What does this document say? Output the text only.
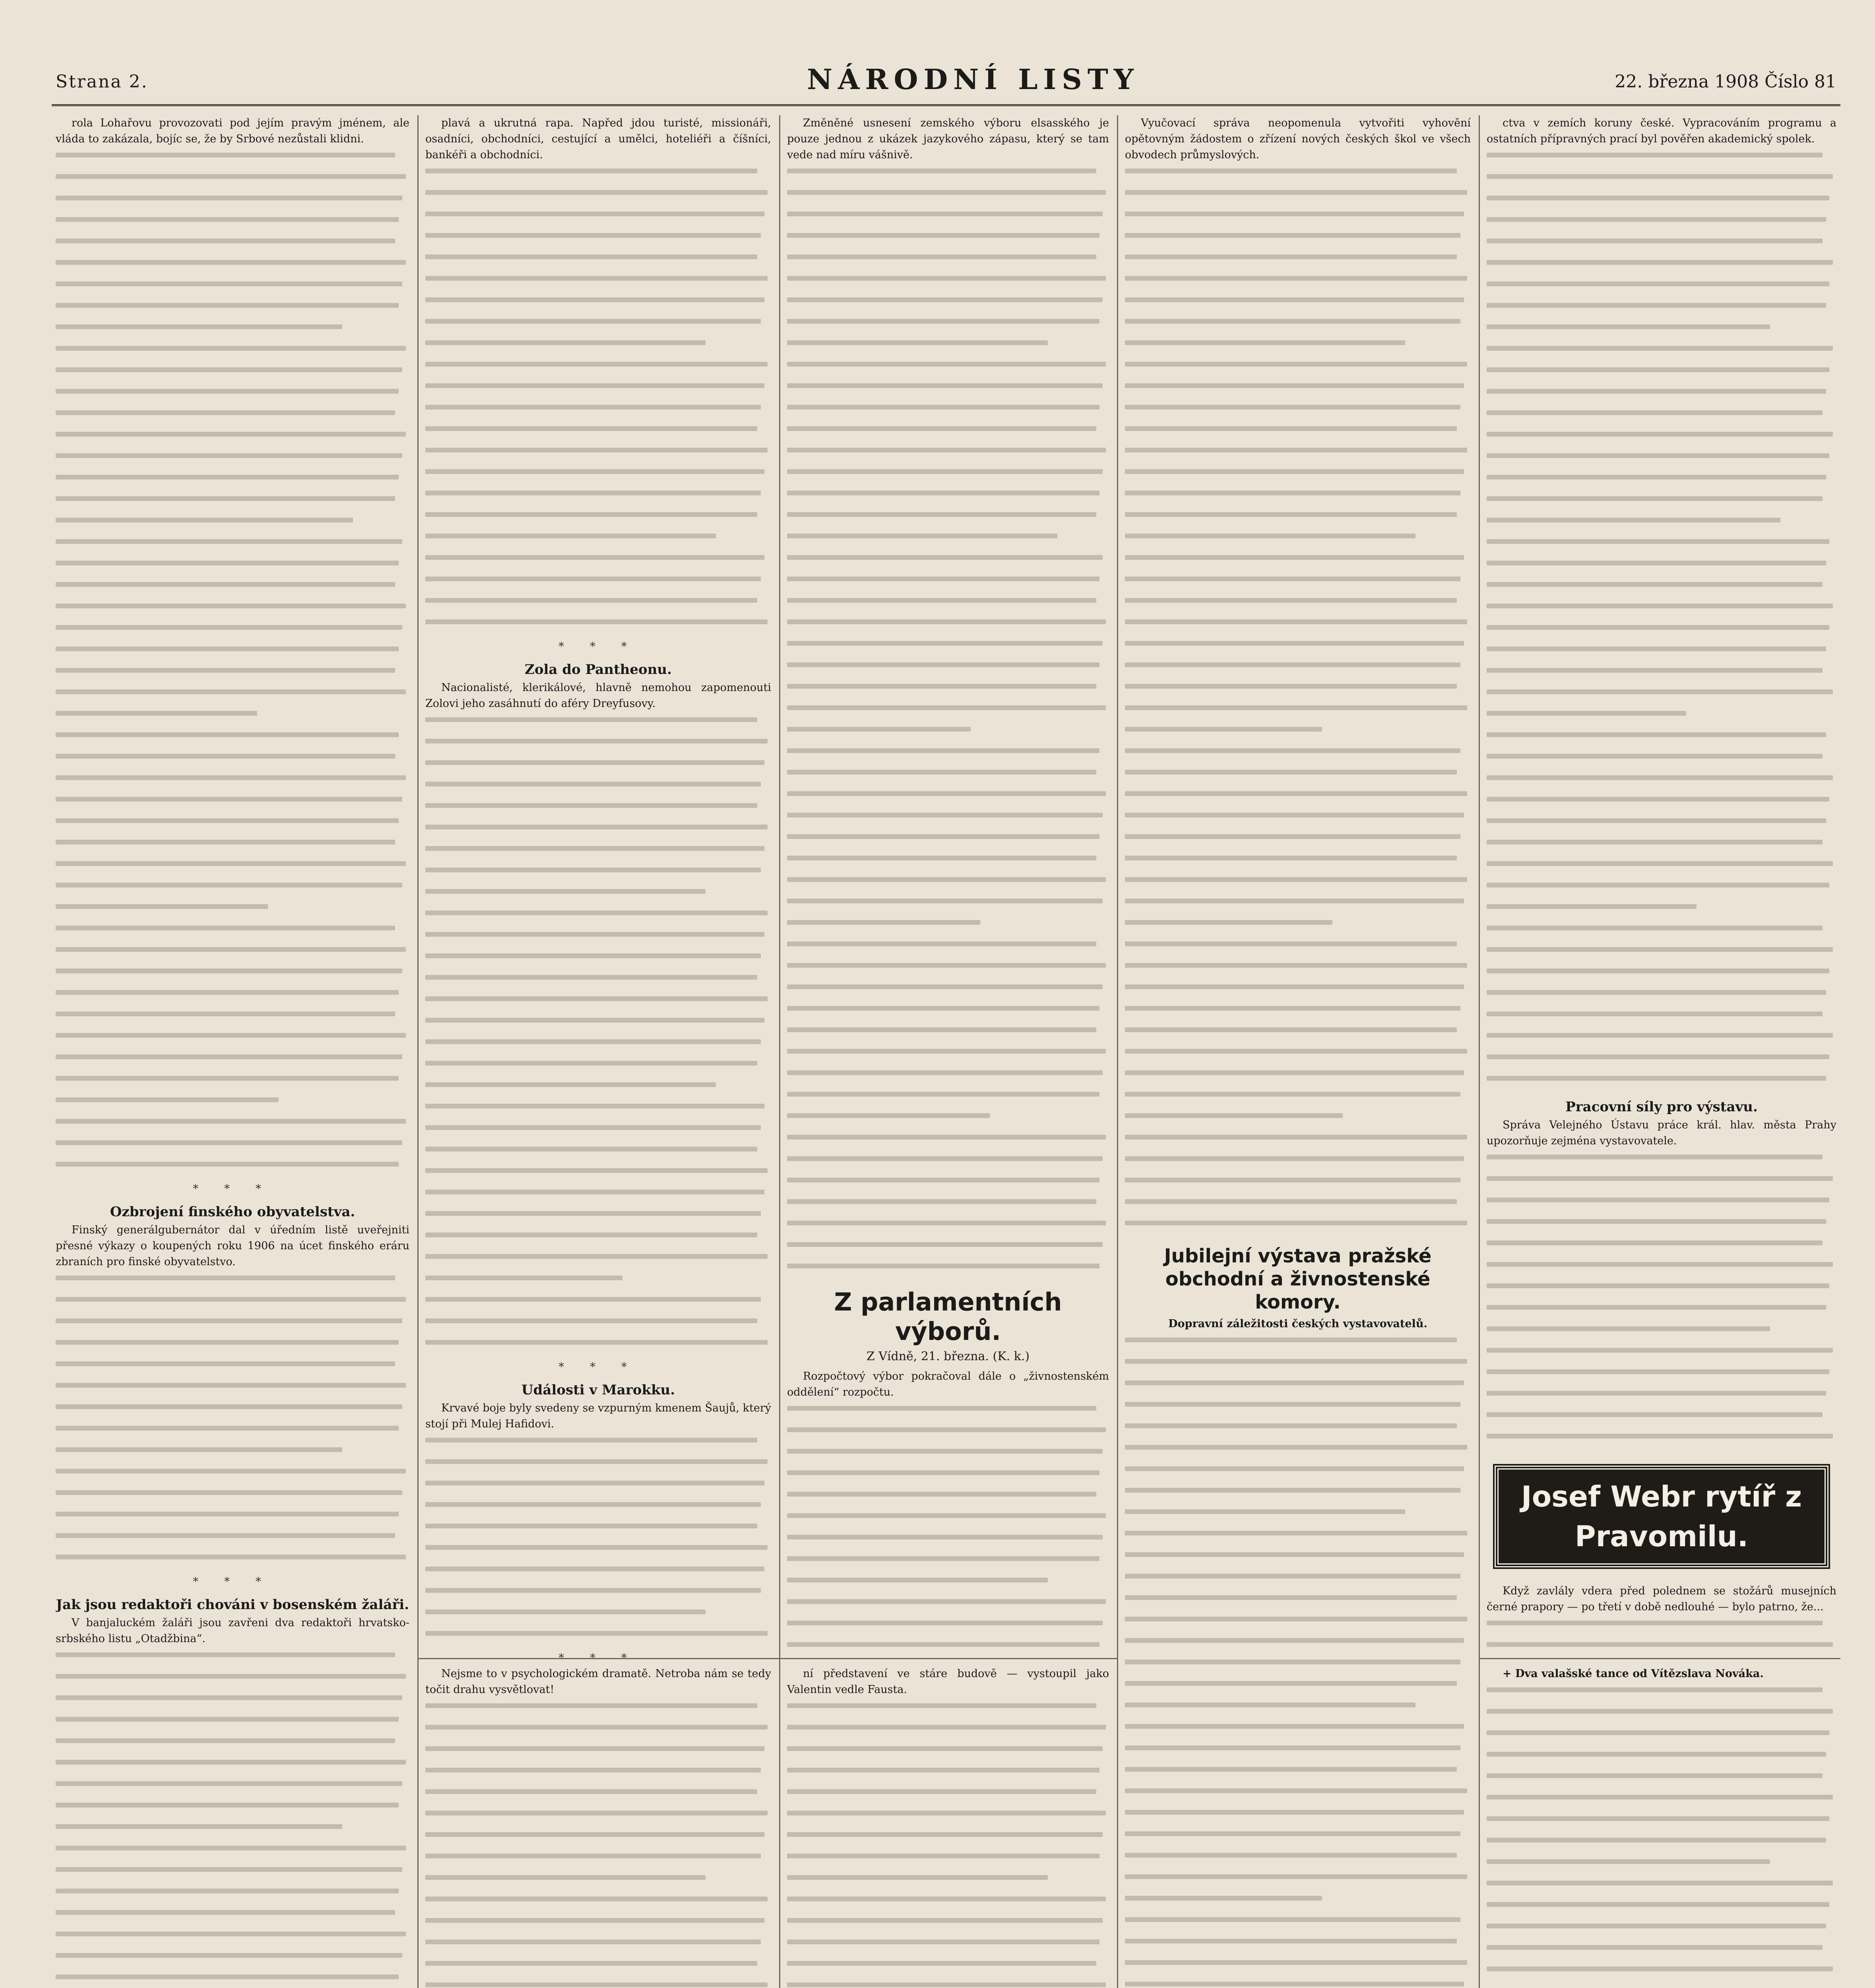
Strana 2.	NÁRODNÍ LISTY	22. března 1908 Číslo 81

rola Lohařovu provozovati pod jejím pravým jménem, ale vláda to zakázala, bojíc se, že by Srbové nezůstali klidni.

* * *
Ozbrojení finského obyvatelstva.

Finský generálgubernátor dal v úředním listě uveřejniti přesné výkazy o koupených roku 1906 na úcet finského eráru zbraních pro finské obyvatelstvo.

* * *
Jak jsou redaktoři chováni v bosenském žaláři.

V banjaluckém žaláři jsou zavřeni dva redaktoři hrvatsko-srbského listu „Otadžbina“.

plavá a ukrutná rapa. Napřed jdou turisté, missionáři, osadníci, obchodníci, cestující a umělci, hoteliéři a číšníci, bankéři a obchodníci.

* * *
Zola do Pantheonu.

Nacionalisté, klerikálové, hlavně nemohou zapomenouti Zolovi jeho zasáhnutí do aféry Dreyfusovy.

* * *
Události v Marokku.

Krvavé boje byly svedeny se vzpurným kmenem Šaujů, který stojí při Mulej Hafidovi.

* * *

Změněné usnesení zemského výboru elsasského je pouze jednou z ukázek jazykového zápasu, který se tam vede nad míru vášnivě.

Z parlamentních výborů.
Z Vídně, 21. března. (K. k.)

Rozpočtový výbor pokračoval dále o „živnostenském oddělení“ rozpočtu.

Vyučovací správa neopomenula vytvořiti vyhovění opětovným žádostem o zřízení nových českých škol ve všech obvodech průmyslových.

Jubilejní výstava pražské obchodní a živnostenské komory.

Dopravní záležitosti českých vystavovatelů.

ctva v zemích koruny české. Vypracováním programu a ostatních přípravných prací byl pověřen akademický spolek.

Pracovní síly pro výstavu.

Správa Velejného Ústavu práce král. hlav. města Prahy upozorňuje zejména vystavovatele.

Josef Webr rytíř z Pravomilu.

Když zavlály vdera před polednem se stožárů musejních černé prapory — po třetí v době nedlouhé — bylo patrno, že...

Nejsme to v psychologickém dramatě. Netroba nám se tedy točit drahu vysvětlovat!

ní představení ve stáre budově — vystoupil jako Valentin vedle Fausta.

+ Dva valašské tance od Vítězslava Nováka.
